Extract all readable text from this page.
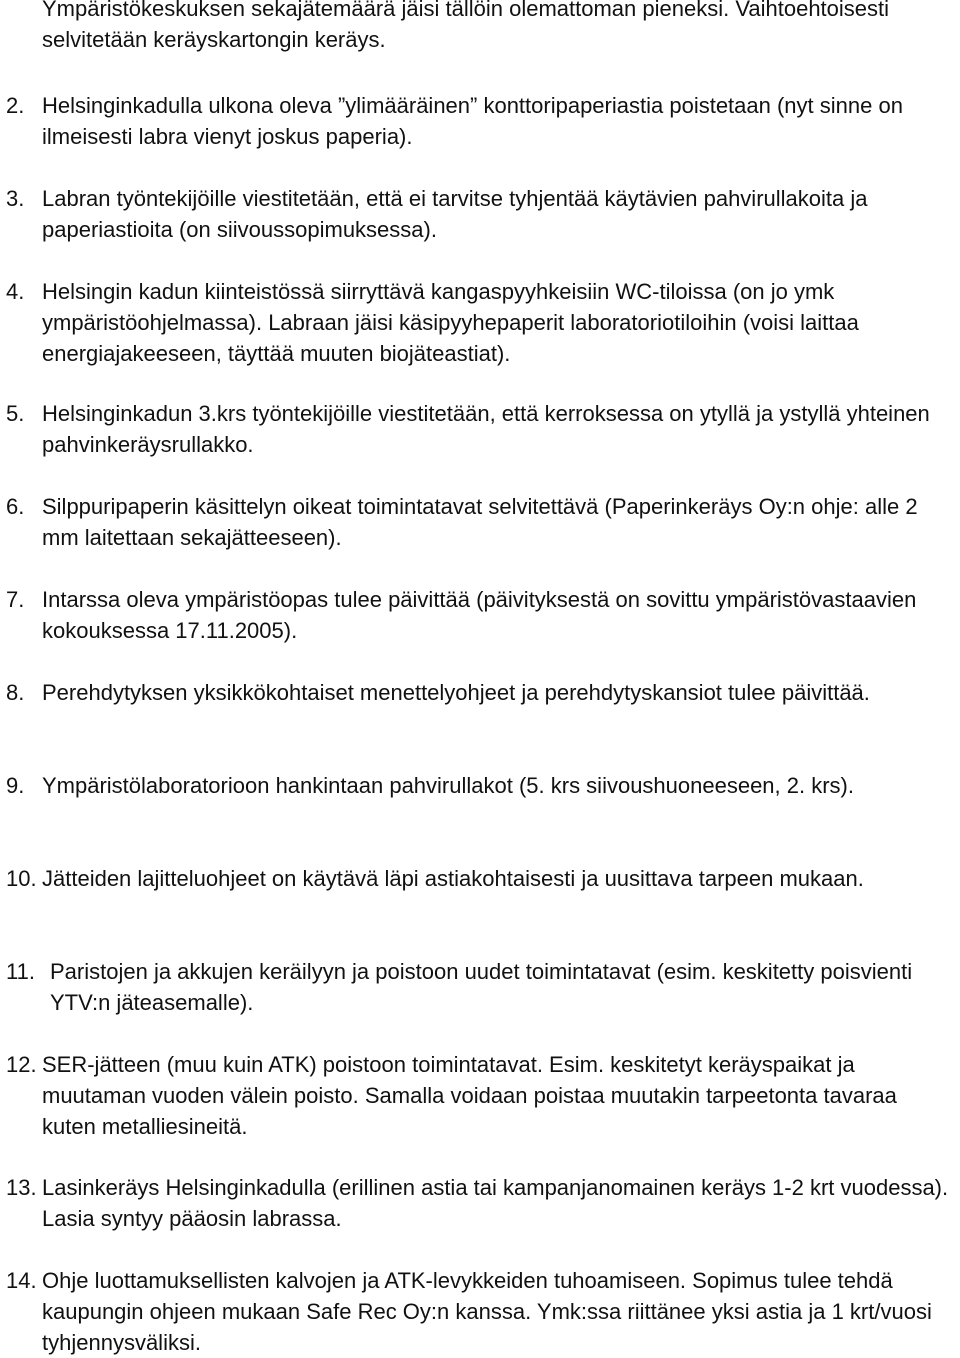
Ympäristökeskuksen sekajätemäärä jäisi tällöin olemattoman pieneksi. Vaihtoehtoisesti selvitetään keräyskartongin keräys.

2. Helsinginkadulla ulkona oleva ”ylimääräinen” konttoripaperiastia poistetaan (nyt sinne on ilmeisesti labra vienyt joskus paperia).

3. Labran työntekijöille viestitetään, että ei tarvitse tyhjentää käytävien pahvirullakoita ja paperiastioita (on siivoussopimuksessa).

4. Helsingin kadun kiinteistössä siirryttävä kangaspyyhkeisiin WC-tiloissa (on jo ymk ympäristöohjelmassa). Labraan jäisi käsipyyhepaperit laboratoriotiloihin (voisi laittaa energiajakeeseen, täyttää muuten biojäteastiat).

5. Helsinginkadun 3.krs työntekijöille viestitetään, että kerroksessa on ytyllä ja ystyllä yhteinen pahvinkeräysrullakko.

6. Silppuripaperin käsittelyn oikeat toimintatavat selvitettävä (Paperinkeräys Oy:n ohje: alle 2 mm laitettaan sekajätteeseen).

7. Intarssa oleva ympäristöopas tulee päivittää (päivityksestä on sovittu ympäristövastaavien kokouksessa 17.11.2005).

8. Perehdytyksen yksikkökohtaiset menettelyohjeet ja perehdytyskansiot tulee päivittää.

9. Ympäristölaboratorioon hankintaan pahvirullakot (5. krs siivoushuoneeseen, 2. krs).

10. Jätteiden lajitteluohjeet on käytävä läpi astiakohtaisesti ja uusittava tarpeen mukaan.

11. Paristojen ja akkujen keräilyyn ja poistoon uudet toimintatavat (esim. keskitetty poisvienti YTV:n jäteasemalle).

12. SER-jätteen (muu kuin ATK) poistoon toimintatavat. Esim. keskitetyt keräyspaikat ja muutaman vuoden välein poisto. Samalla voidaan poistaa muutakin tarpeetonta tavaraa kuten metalliesineitä.

13. Lasinkeräys Helsinginkadulla (erillinen astia tai kampanjanomainen keräys 1-2 krt vuodessa). Lasia syntyy pääosin labrassa.

14. Ohje luottamuksellisten kalvojen ja ATK-levykkeiden tuhoamiseen. Sopimus tulee tehdä kaupungin ohjeen mukaan Safe Rec Oy:n kanssa. Ymk:ssa riittänee yksi astia ja 1 krt/vuosi tyhjennysväliksi.
